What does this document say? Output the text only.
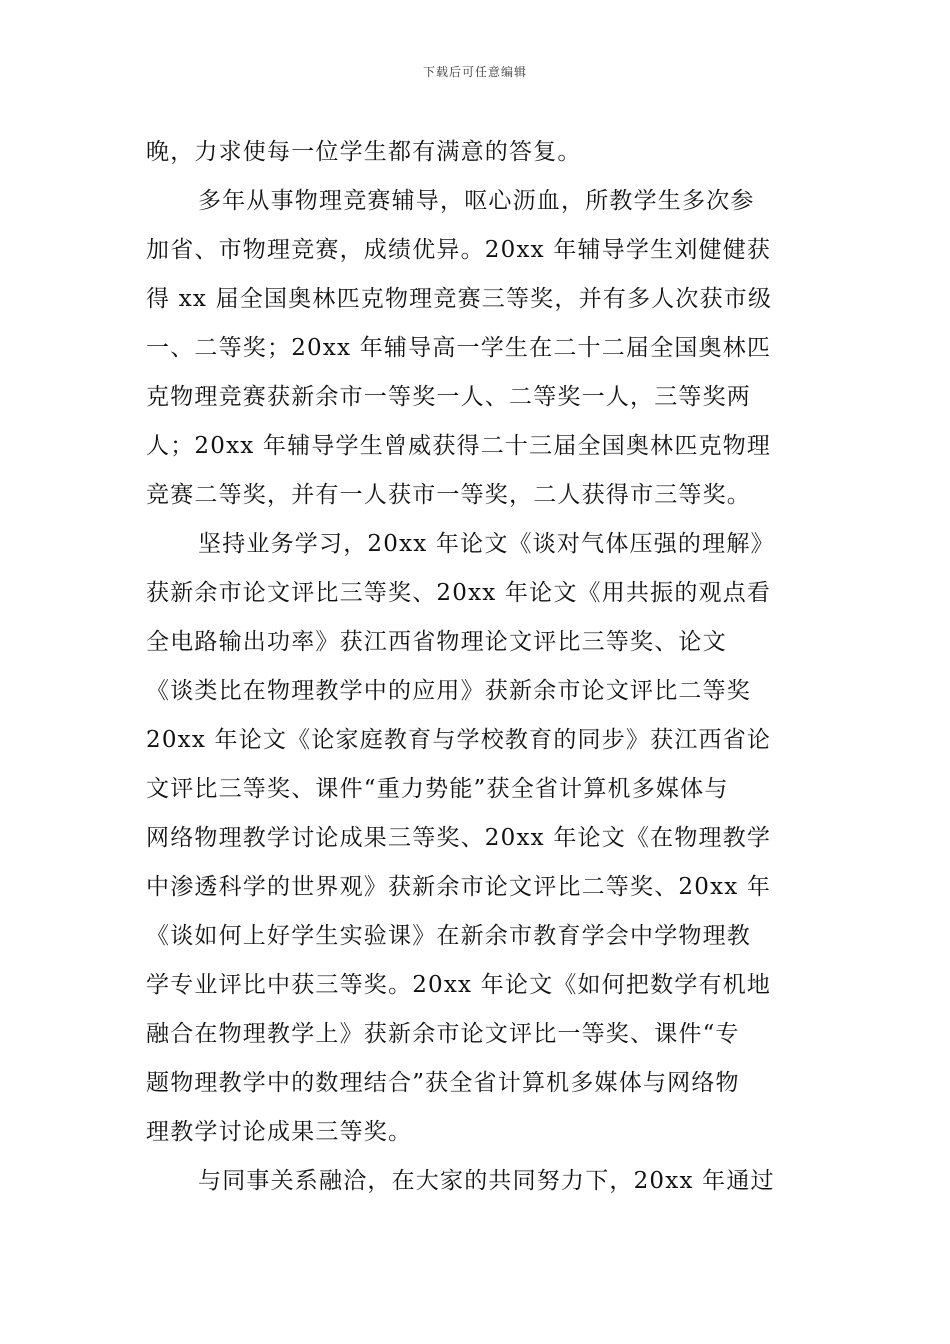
下载后可任意编辑
晚，力求使每一位学生都有满意的答复。
多年从事物理竞赛辅导，呕心沥血，所教学生多次参
加省、市物理竞赛，成绩优异。20xx 年辅导学生刘健健获
得 xx 届全国奥林匹克物理竞赛三等奖，并有多人次获市级
一、二等奖；20xx 年辅导高一学生在二十二届全国奥林匹
克物理竞赛获新余市一等奖一人、二等奖一人，三等奖两
人；20xx 年辅导学生曾威获得二十三届全国奥林匹克物理
竞赛二等奖，并有一人获市一等奖，二人获得市三等奖。
坚持业务学习，20xx 年论文《谈对气体压强的理解》
获新余市论文评比三等奖、20xx 年论文《用共振的观点看
全电路输出功率》获江西省物理论文评比三等奖、论文
《谈类比在物理教学中的应用》获新余市论文评比二等奖
20xx 年论文《论家庭教育与学校教育的同步》获江西省论
文评比三等奖、课件“重力势能”获全省计算机多媒体与
网络物理教学讨论成果三等奖、20xx 年论文《在物理教学
中渗透科学的世界观》获新余市论文评比二等奖、20xx 年
《谈如何上好学生实验课》在新余市教育学会中学物理教
学专业评比中获三等奖。20xx 年论文《如何把数学有机地
融合在物理教学上》获新余市论文评比一等奖、课件“专
题物理教学中的数理结合”获全省计算机多媒体与网络物
理教学讨论成果三等奖。
与同事关系融洽，在大家的共同努力下，20xx 年通过
